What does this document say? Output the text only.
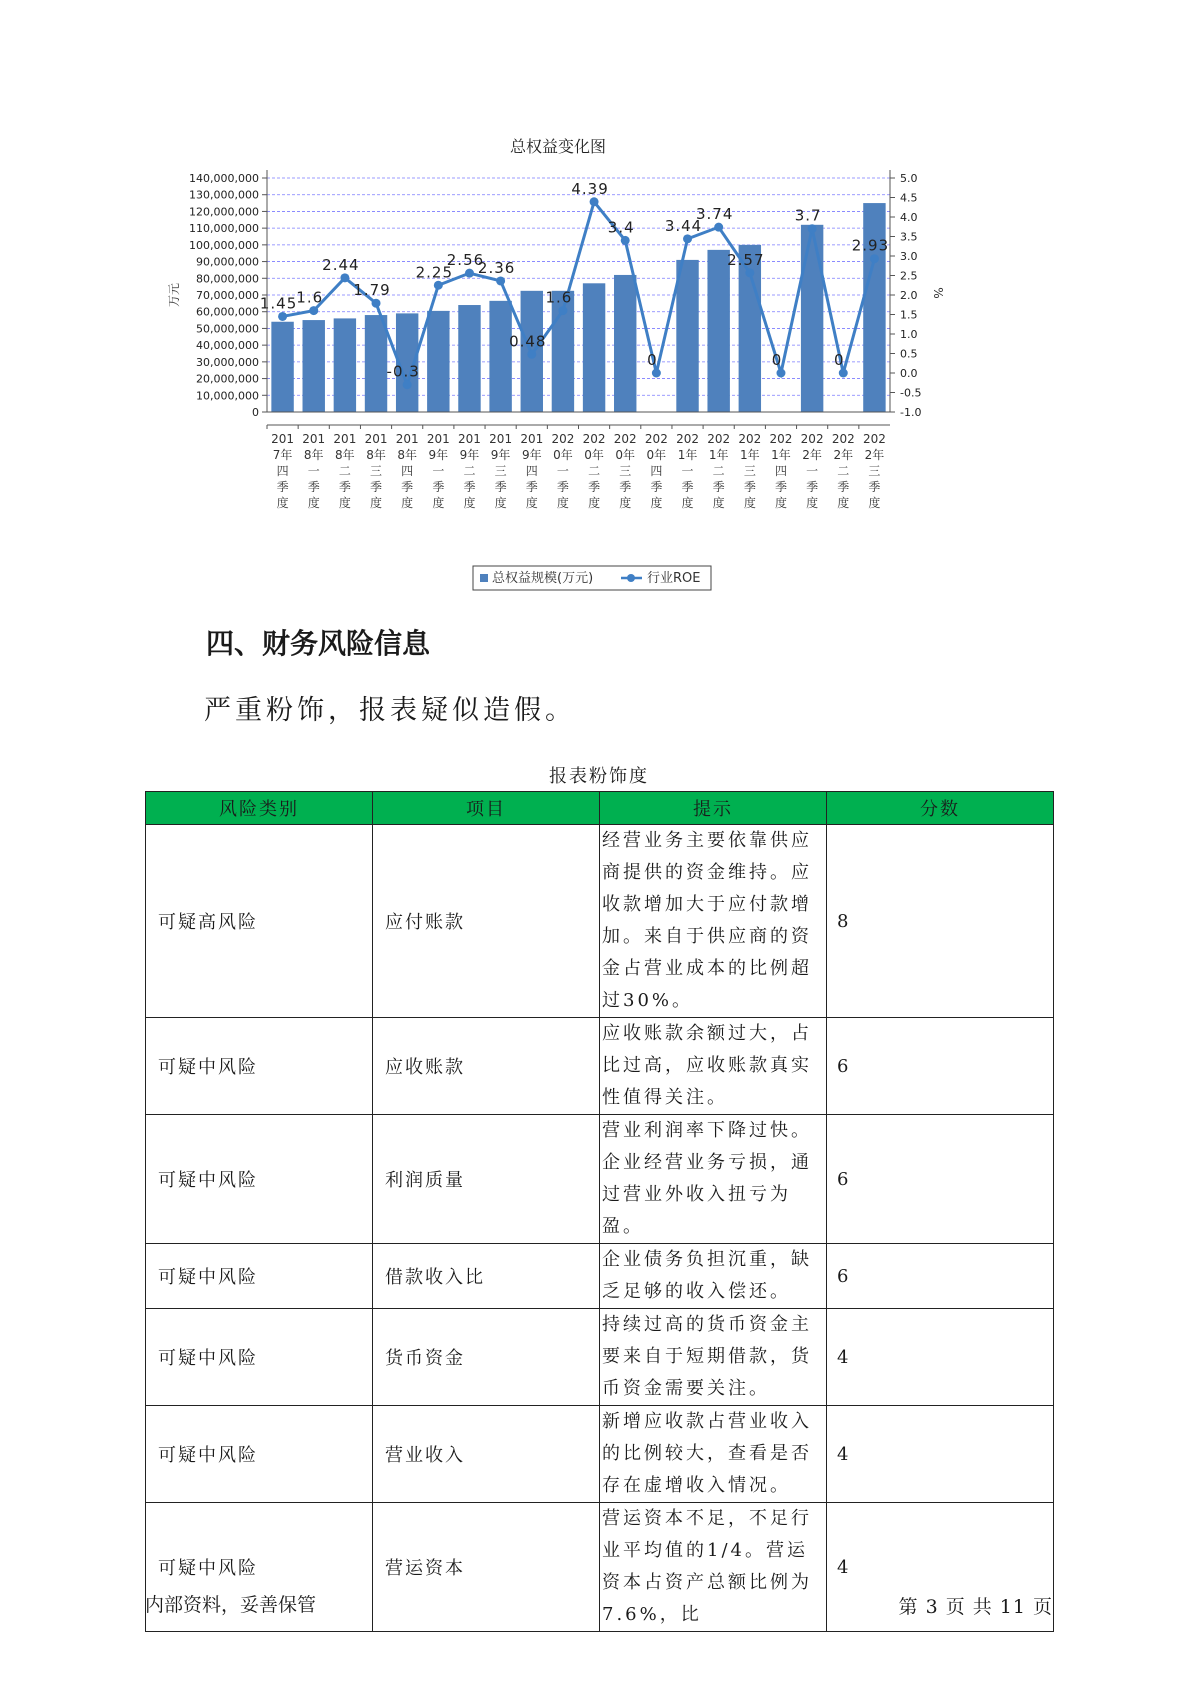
总权益变化图
万元	%
1.45 1.6
2.44
1.79
-0.3
2.25
2.56
2.36
0.48
1.6
4.39
3.4
0
3.44
3.74
2.57
0
3.7
0
2.93
0
10,000,000
20,000,000
30,000,000
40,000,000
50,000,000
60,000,000
70,000,000
80,000,000
90,000,000
100,000,000
110,000,000
120,000,000
130,000,000
140,000,000
-1.0
-0.5
0.0
0.5
1.0
1.5
2.0
2.5
3.0
3.5
4.0
4.5
5.0
201 7年四季度
201 8年一季度
201 8年二季度
201 8年三季度
201 8年四季度
201 9年一季度
201 9年二季度
201 9年三季度
201 9年四季度
202 0年一季度
202 0年二季度
202 0年三季度
202 0年四季度
202 1年一季度
202 1年二季度
202 1年三季度
202 1年四季度
202 2年一季度
202 2年二季度
202 2年三季度
总权益规模(万元)	行业ROE
四、财务风险信息

严重粉饰，报表疑似造假。

报表粉饰度

风险类别	项目	提示	分数
可疑高风险	应付账款	经营业务主要依靠供应商提供的资金维持。应收款增加大于应付款增加。来自于供应商的资金占营业成本的比例超过30%。	8
可疑中风险	应收账款	应收账款余额过大，占比过高，应收账款真实性值得关注。	6
可疑中风险	利润质量	营业利润率下降过快。企业经营业务亏损，通过营业外收入扭亏为盈。	6
可疑中风险	借款收入比	企业债务负担沉重，缺乏足够的收入偿还。	6
可疑中风险	货币资金	持续过高的货币资金主要来自于短期借款，货币资金需要关注。	4
可疑中风险	营业收入	新增应收款占营业收入的比例较大，查看是否存在虚增收入情况。	4
可疑中风险	营运资本	营运资本不足，不足行业平均值的1/4。营运资本占资产总额比例为7.6%，比	4

内部资料，妥善保管	第 3 页 共 11 页
